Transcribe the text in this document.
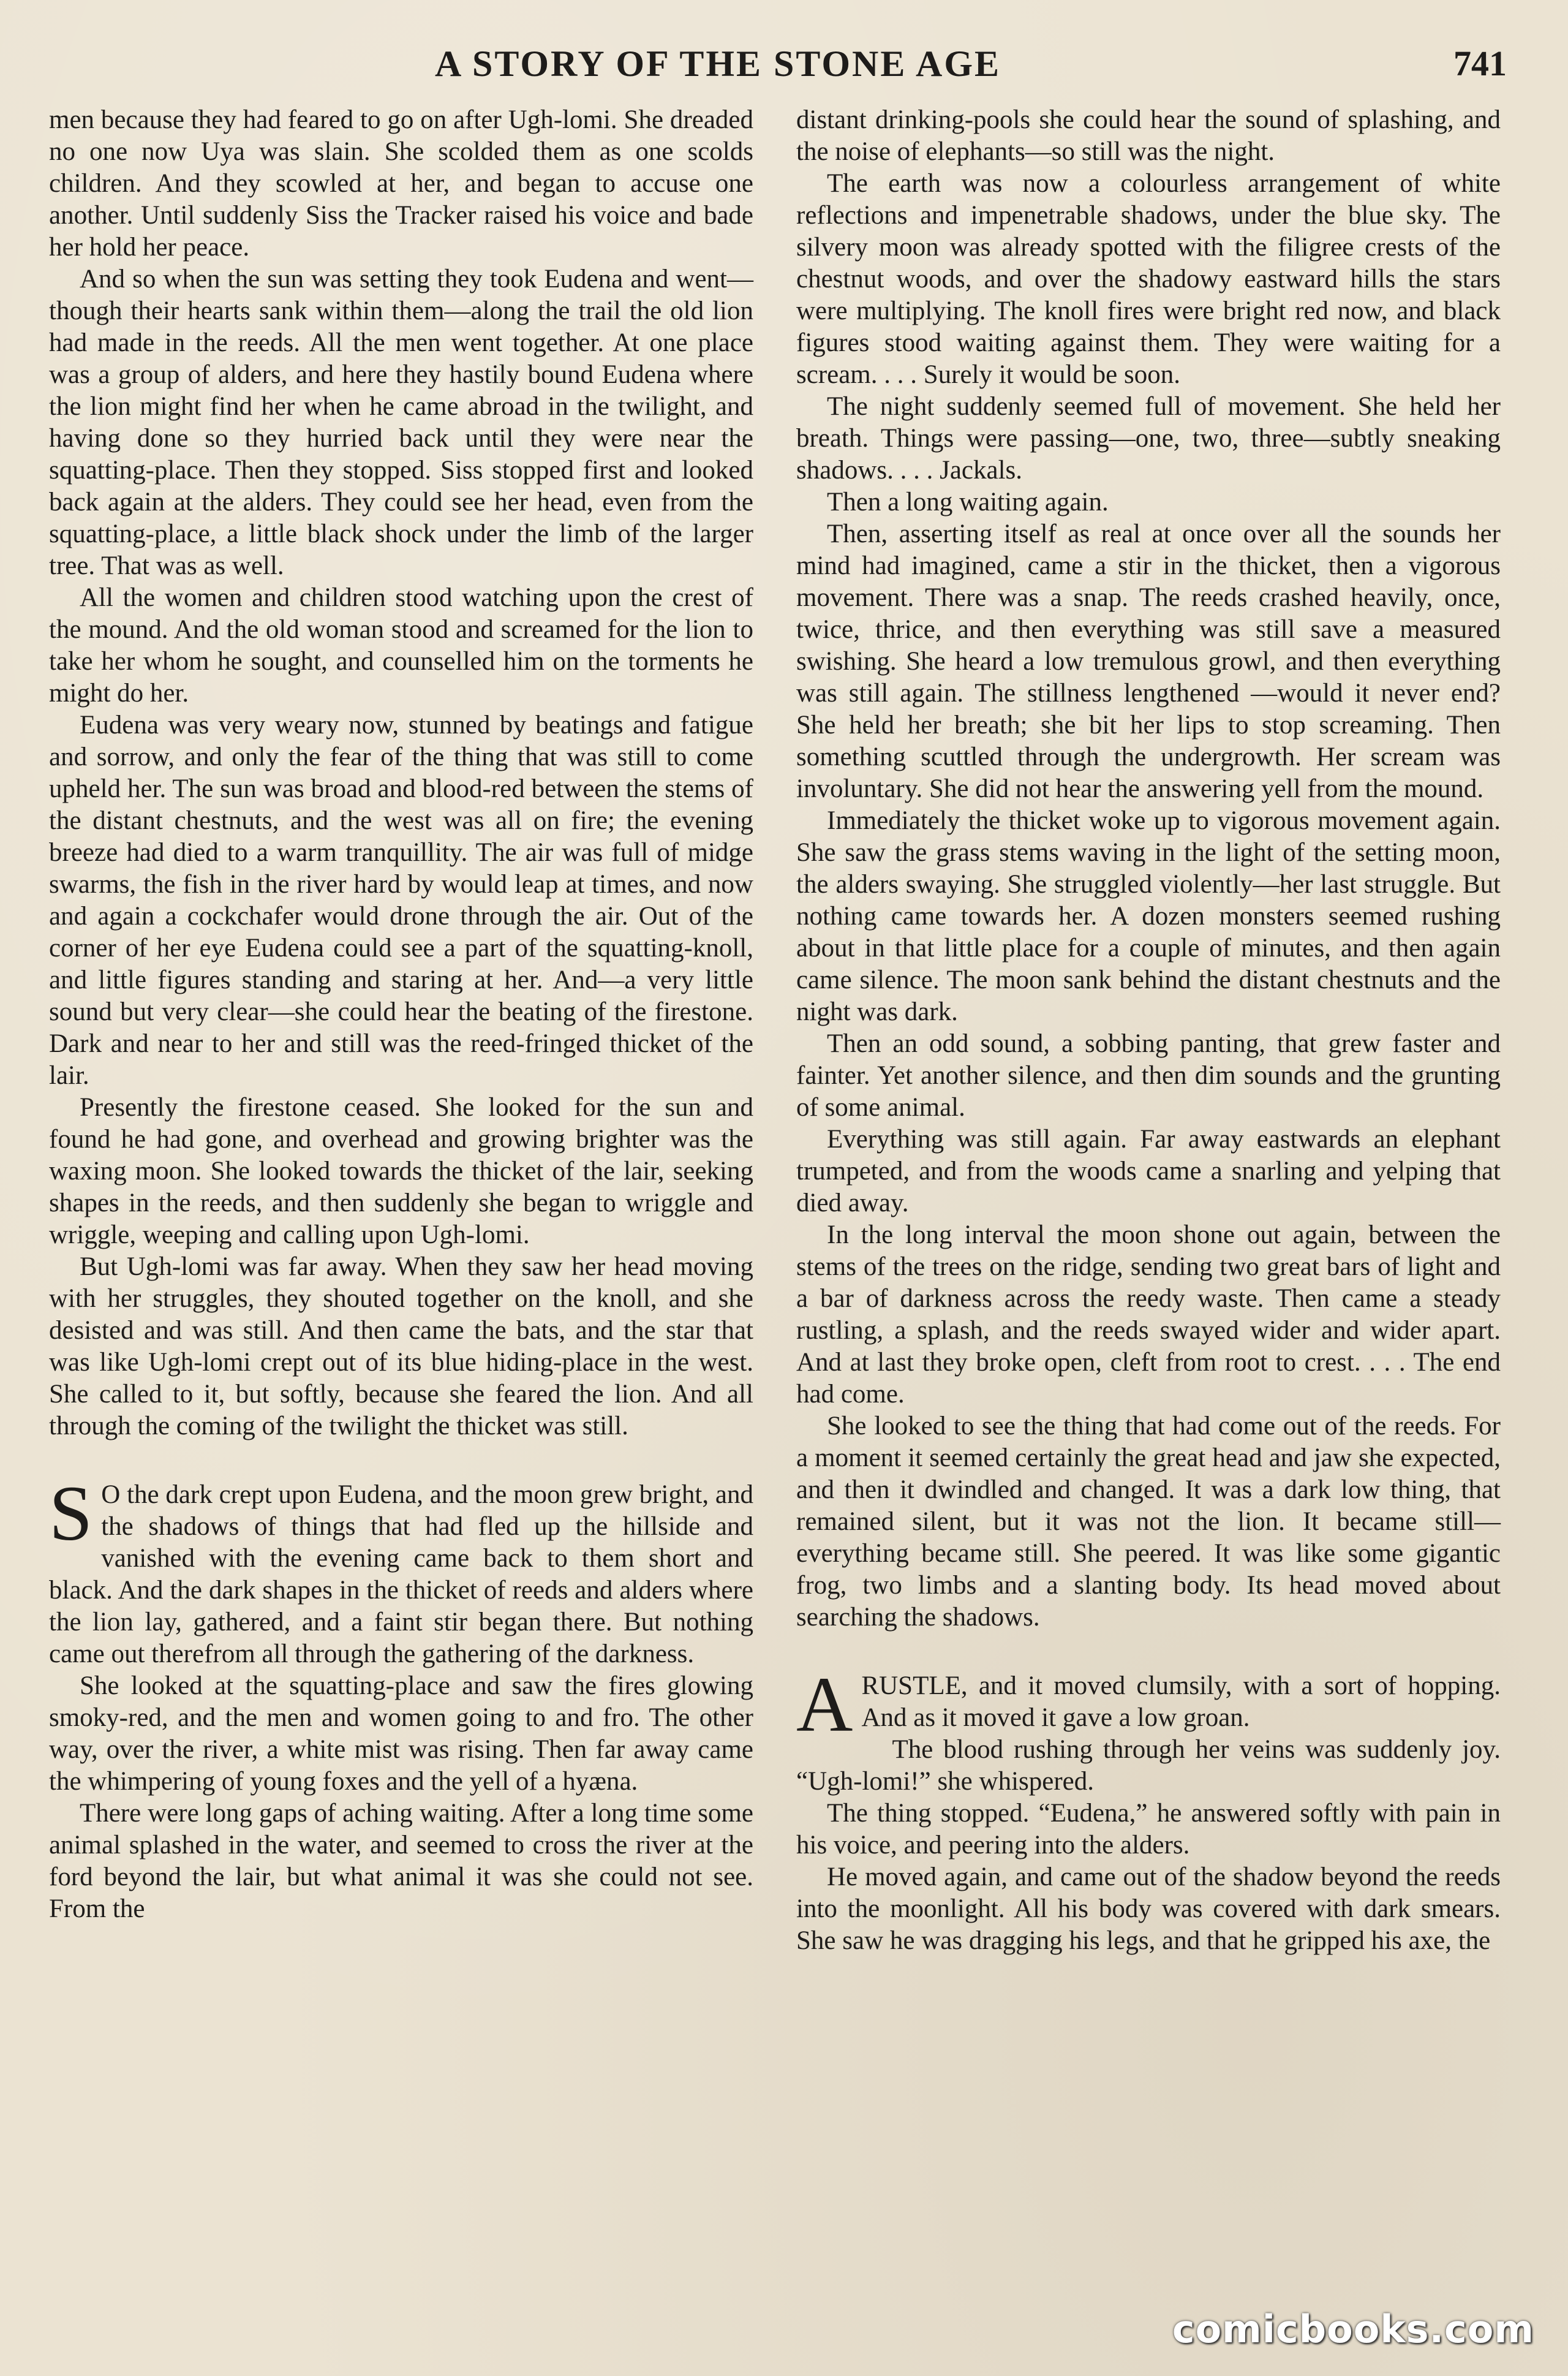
A STORY OF THE STONE AGE	741

men because they had feared to go on after Ugh-lomi. She dreaded no one now Uya was slain. She scolded them as one scolds children. And they scowled at her, and began to accuse one another. Until suddenly Siss the Tracker raised his voice and bade her hold her peace.

And so when the sun was setting they took Eudena and went—though their hearts sank within them—along the trail the old lion had made in the reeds. All the men went together. At one place was a group of alders, and here they hastily bound Eudena where the lion might find her when he came abroad in the twilight, and having done so they hurried back until they were near the squatting-place. Then they stopped. Siss stopped first and looked back again at the alders. They could see her head, even from the squatting-place, a little black shock under the limb of the larger tree. That was as well.

All the women and children stood watching upon the crest of the mound. And the old woman stood and screamed for the lion to take her whom he sought, and counselled him on the torments he might do her.

Eudena was very weary now, stunned by beatings and fatigue and sorrow, and only the fear of the thing that was still to come upheld her. The sun was broad and blood-red between the stems of the distant chestnuts, and the west was all on fire; the evening breeze had died to a warm tranquillity. The air was full of midge swarms, the fish in the river hard by would leap at times, and now and again a cockchafer would drone through the air. Out of the corner of her eye Eudena could see a part of the squatting-knoll, and little figures standing and staring at her. And—a very little sound but very clear—she could hear the beating of the firestone. Dark and near to her and still was the reed-fringed thicket of the lair.

Presently the firestone ceased. She looked for the sun and found he had gone, and overhead and growing brighter was the waxing moon. She looked towards the thicket of the lair, seeking shapes in the reeds, and then suddenly she began to wriggle and wriggle, weeping and calling upon Ugh-lomi.

But Ugh-lomi was far away. When they saw her head moving with her struggles, they shouted together on the knoll, and she desisted and was still. And then came the bats, and the star that was like Ugh-lomi crept out of its blue hiding-place in the west. She called to it, but softly, because she feared the lion. And all through the coming of the twilight the thicket was still.

S O the dark crept upon Eudena, and the moon grew bright, and the shadows of things that had fled up the hillside and vanished with the evening came back to them short and black. And the dark shapes in the thicket of reeds and alders where the lion lay, gathered, and a faint stir began there. But nothing came out therefrom all through the gathering of the darkness.

She looked at the squatting-place and saw the fires glowing smoky-red, and the men and women going to and fro. The other way, over the river, a white mist was rising. Then far away came the whimpering of young foxes and the yell of a hyæna.

There were long gaps of aching waiting. After a long time some animal splashed in the water, and seemed to cross the river at the ford beyond the lair, but what animal it was she could not see. From the

distant drinking-pools she could hear the sound of splashing, and the noise of elephants—so still was the night.

The earth was now a colourless arrangement of white reflections and impenetrable shadows, under the blue sky. The silvery moon was already spotted with the filigree crests of the chestnut woods, and over the shadowy eastward hills the stars were multiplying. The knoll fires were bright red now, and black figures stood waiting against them. They were waiting for a scream. . . . Surely it would be soon.

The night suddenly seemed full of movement. She held her breath. Things were passing—one, two, three—subtly sneaking shadows. . . . Jackals.

Then a long waiting again.

Then, asserting itself as real at once over all the sounds her mind had imagined, came a stir in the thicket, then a vigorous movement. There was a snap. The reeds crashed heavily, once, twice, thrice, and then everything was still save a measured swishing. She heard a low tremulous growl, and then everything was still again. The stillness lengthened —would it never end? She held her breath; she bit her lips to stop screaming. Then something scuttled through the undergrowth. Her scream was involuntary. She did not hear the answering yell from the mound.

Immediately the thicket woke up to vigorous movement again. She saw the grass stems waving in the light of the setting moon, the alders swaying. She struggled violently—her last struggle. But nothing came towards her. A dozen monsters seemed rushing about in that little place for a couple of minutes, and then again came silence. The moon sank behind the distant chestnuts and the night was dark.

Then an odd sound, a sobbing panting, that grew faster and fainter. Yet another silence, and then dim sounds and the grunting of some animal.

Everything was still again. Far away eastwards an elephant trumpeted, and from the woods came a snarling and yelping that died away.

In the long interval the moon shone out again, between the stems of the trees on the ridge, sending two great bars of light and a bar of darkness across the reedy waste. Then came a steady rustling, a splash, and the reeds swayed wider and wider apart. And at last they broke open, cleft from root to crest. . . . The end had come.

She looked to see the thing that had come out of the reeds. For a moment it seemed certainly the great head and jaw she expected, and then it dwindled and changed. It was a dark low thing, that remained silent, but it was not the lion. It became still—everything became still. She peered. It was like some gigantic frog, two limbs and a slanting body. Its head moved about searching the shadows.

ARUSTLE, and it moved clumsily, with a sort of hopping. And as it moved it gave a low groan.

The blood rushing through her veins was suddenly joy. “Ugh-lomi!” she whispered.

The thing stopped. “Eudena,” he answered softly with pain in his voice, and peering into the alders.

He moved again, and came out of the shadow beyond the reeds into the moonlight. All his body was covered with dark smears. She saw he was dragging his legs, and that he gripped his axe, the

comicbooks.com
